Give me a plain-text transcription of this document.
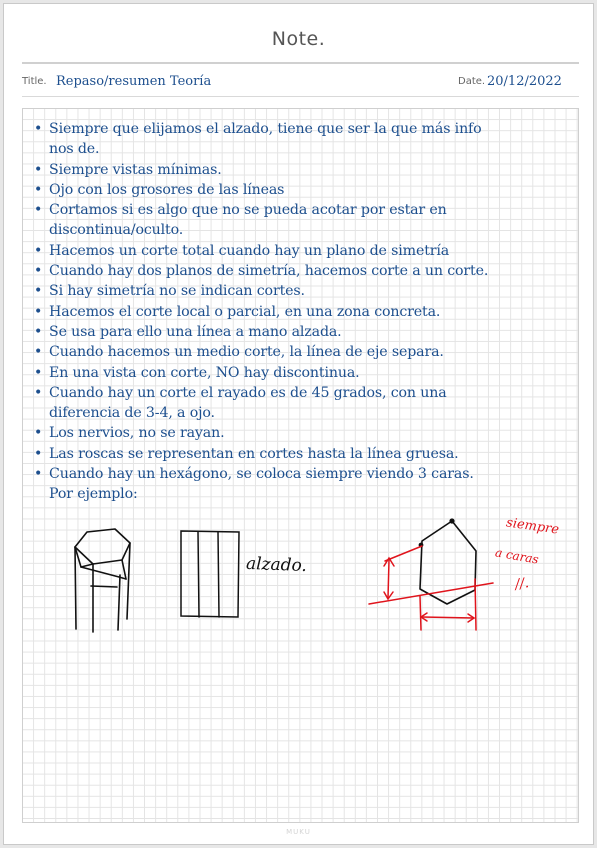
Note.
Title. Repaso/resumen Teoría	Date. 20/12/2022
• Siempre que elijamos el alzado, tiene que ser la que más info
nos de.
• Siempre vistas mínimas.
• Ojo con los grosores de las líneas
• Cortamos si es algo que no se pueda acotar por estar en
discontinua/oculto.
• Hacemos un corte total cuando hay un plano de simetría
• Cuando hay dos planos de simetría, hacemos corte a un corte.
• Si hay simetría no se indican cortes.
• Hacemos el corte local o parcial, en una zona concreta.
• Se usa para ello una línea a mano alzada.
• Cuando hacemos un medio corte, la línea de eje separa.
• En una vista con corte, NO hay discontinua.
• Cuando hay un corte el rayado es de 45 grados, con una
diferencia de 3-4, a ojo.
• Los nervios, no se rayan.
• Las roscas se representan en cortes hasta la línea gruesa.
• Cuando hay un hexágono, se coloca siempre viendo 3 caras.
Por ejemplo:
alzado.
siempre
a caras
//.
MUKU
